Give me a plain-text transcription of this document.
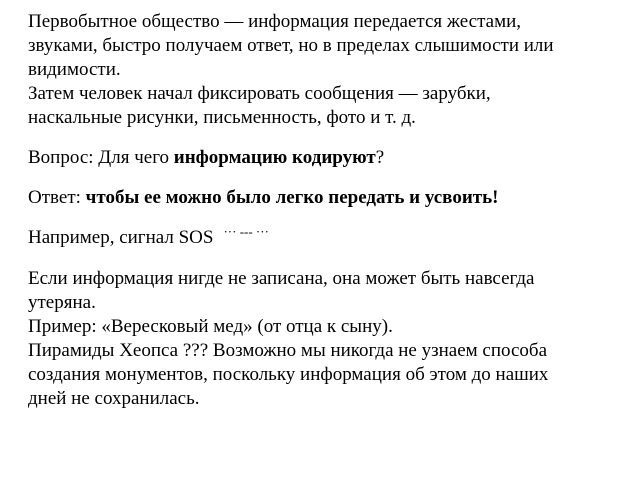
Первобытное общество — информация передается жестами,
звуками, быстро получаем ответ, но в пределах слышимости или
видимости.
Затем человек начал фиксировать сообщения — зарубки,
наскальные рисунки, письменность, фото и т. д.
Вопрос: Для чего информацию кодируют?
Ответ: чтобы ее можно было легко передать и усвоить!
Например, сигнал SOS ··· --- ···
Если информация нигде не записана, она может быть навсегда
утеряна.
Пример: «Вересковый мед» (от отца к сыну).
Пирамиды Хеопса ??? Возможно мы никогда не узнаем способа
создания монументов, поскольку информация об этом до наших
дней не сохранилась.
